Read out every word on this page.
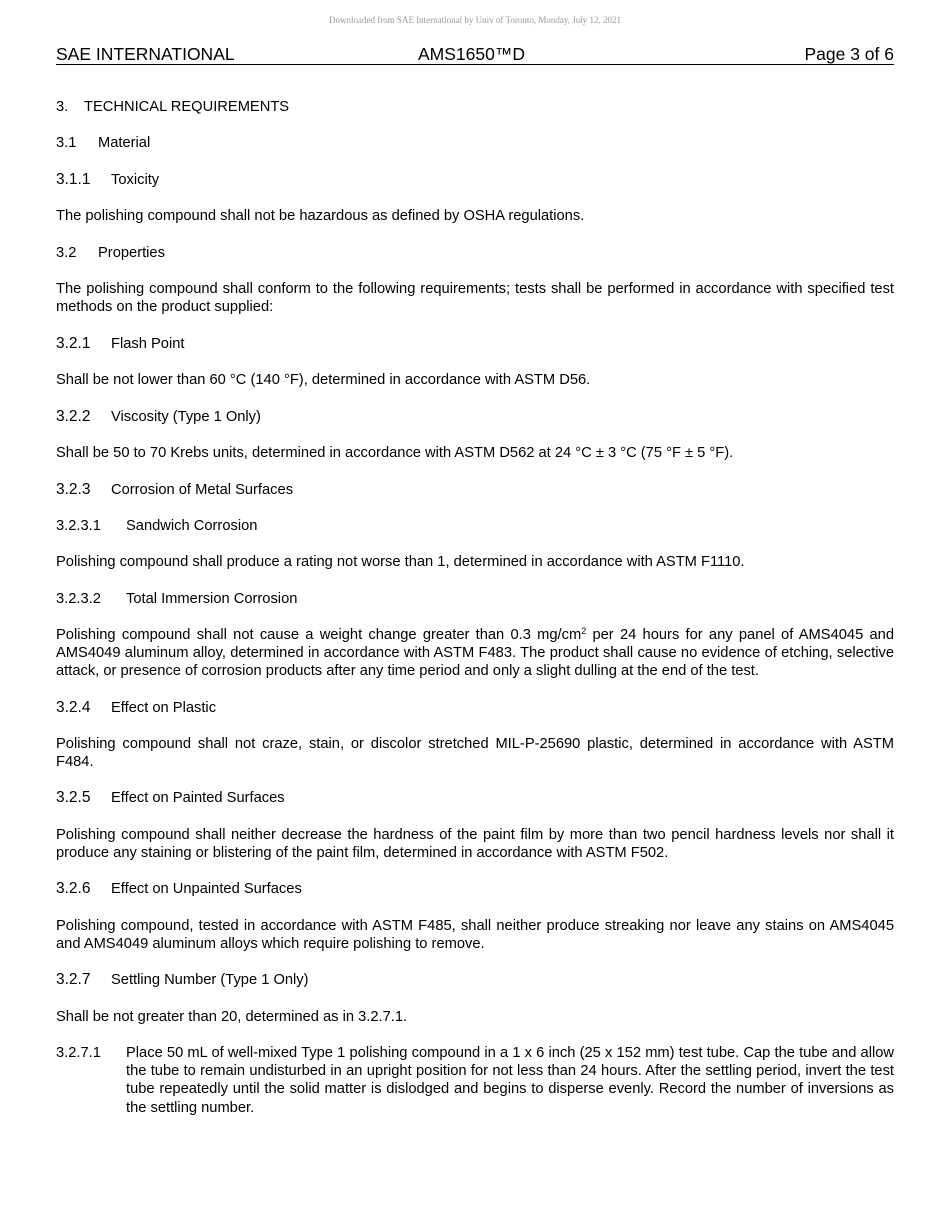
Downloaded from SAE International by Univ of Toronto, Monday, July 12, 2021
SAE INTERNATIONAL	AMS1650™D	Page 3 of 6
3. TECHNICAL REQUIREMENTS
3.1 Material
3.1.1 Toxicity
The polishing compound shall not be hazardous as defined by OSHA regulations.
3.2 Properties
The polishing compound shall conform to the following requirements; tests shall be performed in accordance with specified test methods on the product supplied:
3.2.1 Flash Point
Shall be not lower than 60 °C (140 °F), determined in accordance with ASTM D56.
3.2.2 Viscosity (Type 1 Only)
Shall be 50 to 70 Krebs units, determined in accordance with ASTM D562 at 24 °C ± 3 °C (75 °F ± 5 °F).
3.2.3 Corrosion of Metal Surfaces
3.2.3.1 Sandwich Corrosion
Polishing compound shall produce a rating not worse than 1, determined in accordance with ASTM F1110.
3.2.3.2 Total Immersion Corrosion
Polishing compound shall not cause a weight change greater than 0.3 $mg/cm^2$ per 24 hours for any panel of AMS4045 and AMS4049 aluminum alloy, determined in accordance with ASTM F483. The product shall cause no evidence of etching, selective attack, or presence of corrosion products after any time period and only a slight dulling at the end of the test.
3.2.4 Effect on Plastic
Polishing compound shall not craze, stain, or discolor stretched MIL-P-25690 plastic, determined in accordance with ASTM F484.
3.2.5 Effect on Painted Surfaces
Polishing compound shall neither decrease the hardness of the paint film by more than two pencil hardness levels nor shall it produce any staining or blistering of the paint film, determined in accordance with ASTM F502.
3.2.6 Effect on Unpainted Surfaces
Polishing compound, tested in accordance with ASTM F485, shall neither produce streaking nor leave any stains on AMS4045 and AMS4049 aluminum alloys which require polishing to remove.
3.2.7 Settling Number (Type 1 Only)
Shall be not greater than 20, determined as in 3.2.7.1.
3.2.7.1 Place 50 mL of well-mixed Type 1 polishing compound in a 1 x 6 inch (25 x 152 mm) test tube. Cap the tube and allow the tube to remain undisturbed in an upright position for not less than 24 hours. After the settling period, invert the test tube repeatedly until the solid matter is dislodged and begins to disperse evenly. Record the number of inversions as the settling number.
